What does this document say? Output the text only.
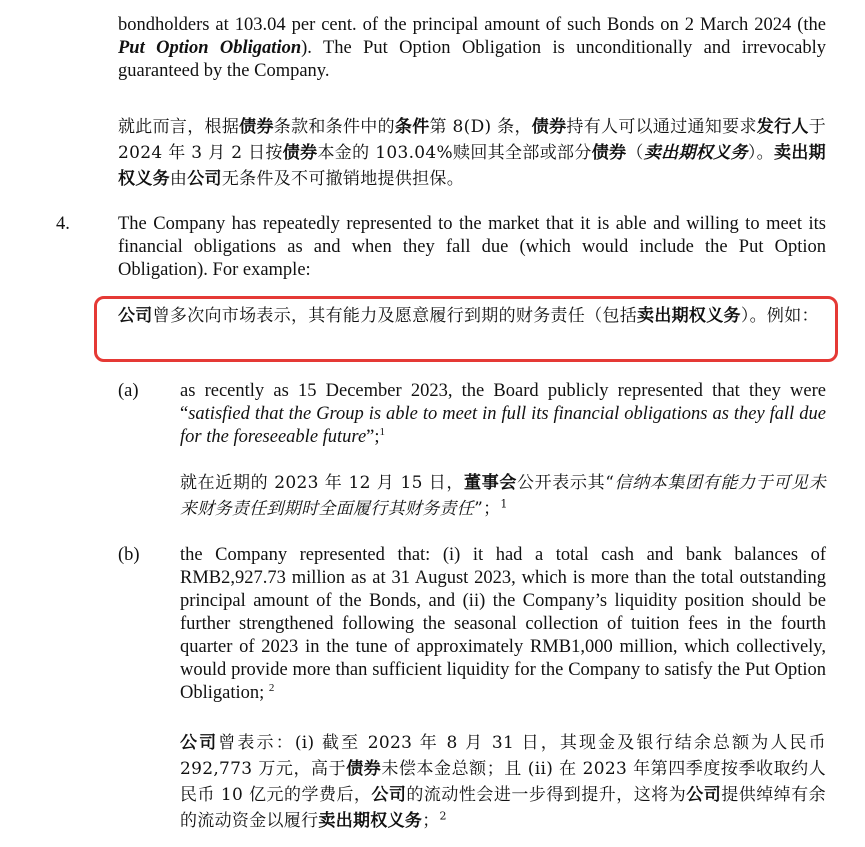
bondholders at 103.04 per cent. of the principal amount of such Bonds on 2 March 2024 (the Put Option Obligation). The Put Option Obligation is unconditionally and irrevocably guaranteed by the Company.
就此而言，根据债券条款和条件中的条件第 8(D) 条，债券持有人可以通过通知要求发行人于 2024 年 3 月 2 日按债券本金的 103.04%赎回其全部或部分债券（卖出期权义务）。卖出期权义务由公司无条件及不可撤销地提供担保。
4.	The Company has repeatedly represented to the market that it is able and willing to meet its financial obligations as and when they fall due (which would include the Put Option Obligation). For example:
公司曾多次向市场表示，其有能力及愿意履行到期的财务责任（包括卖出期权义务）。例如：
(a) as recently as 15 December 2023, the Board publicly represented that they were “satisfied that the Group is able to meet in full its financial obligations as they fall due for the foreseeable future”;$^1$
就在近期的 2023 年 12 月 15 日，董事会公开表示其“信纳本集团有能力于可见未来财务责任到期时全面履行其财务责任”；$^1$
(b) the Company represented that: (i) it had a total cash and bank balances of RMB2,927.73 million as at 31 August 2023, which is more than the total outstanding principal amount of the Bonds, and (ii) the Company’s liquidity position should be further strengthened following the seasonal collection of tuition fees in the fourth quarter of 2023 in the tune of approximately RMB1,000 million, which collectively, would provide more than sufficient liquidity for the Company to satisfy the Put Option Obligation; $^2$
公司曾表示：(i) 截至 2023 年 8 月 31 日，其现金及银行结余总额为人民币 292,773 万元，高于债券未偿本金总额；且 (ii) 在 2023 年第四季度按季收取约人民币 10 亿元的学费后，公司的流动性会进一步得到提升，这将为公司提供绰绰有余的流动资金以履行卖出期权义务；$^2$
